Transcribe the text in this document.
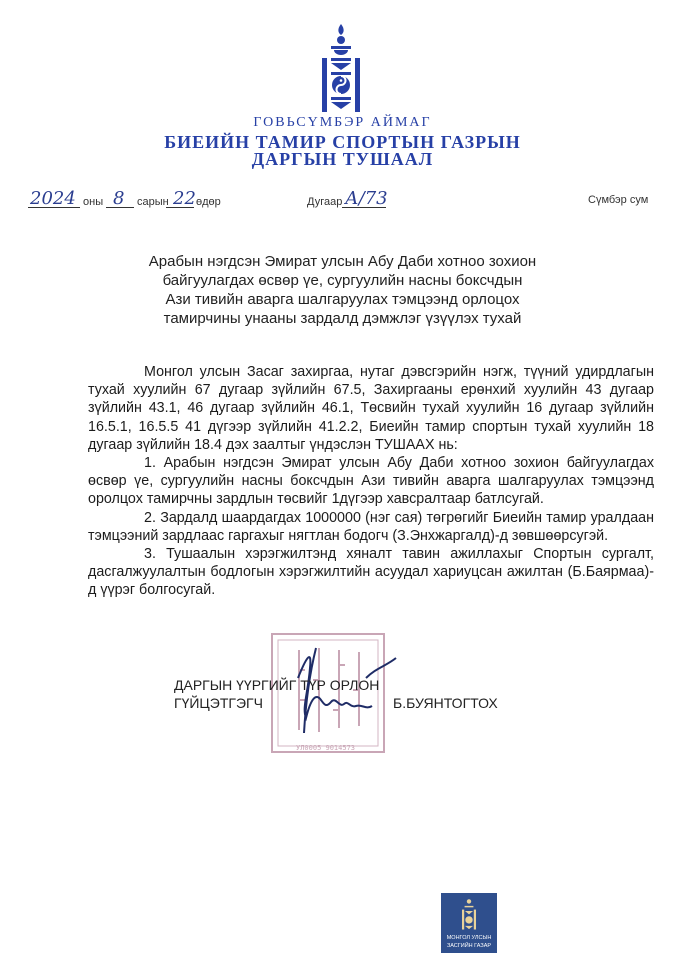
ГОВЬСҮМБЭР АЙМАГ
БИЕИЙН ТАМИР СПОРТЫН ГАЗРЫН
ДАРГЫН ТУШААЛ
2024 оны 8 сарын 22 өдөр	Дугаар А/73	Сүмбэр сум
Арабын нэгдсэн Эмират улсын Абу Даби хотноо зохион
байгуулагдах өсвөр үе, сургуулийн насны боксчдын
Ази тивийн аварга шалгаруулах тэмцээнд орлоцох
тамирчины унааны зардалд дэмжлэг үзүүлэх тухай

Монгол улсын Засаг захиргаа, нутаг дэвсгэрийн нэгж, түүний удирдлагын тухай хуулийн 67 дугаар зүйлийн 67.5, Захиргааны ерөнхий хуулийн 43 дугаар зүйлийн 43.1, 46 дугаар зүйлийн 46.1, Төсвийн тухай хуулийн 16 дугаар зүйлийн 16.5.1, 16.5.5 41 дүгээр зүйлийн 41.2.2, Биеийн тамир спортын тухай хуулийн 18 дугаар зүйлийн 18.4 дэх заалтыг үндэслэн ТУШААХ нь:

1. Арабын нэгдсэн Эмират улсын Абу Даби хотноо зохион байгуулагдах өсвөр үе, сургуулийн насны боксчдын Ази тивийн аварга шалгаруулах тэмцээнд оролцох тамирчны зардлын төсвийг 1дүгээр хавсралтаар батлсугай.

2. Зардалд шаардагдах 1000000 (нэг сая) төгрөгийг Биеийн тамир уралдаан тэмцээний зардлаас гаргахыг нягтлан бодогч (З.Энхжаргалд)-д зөвшөөрсугэй.

3. Тушаалын хэрэгжилтэнд хяналт тавин ажиллахыг Спортын сургалт, дасгалжуулалтын бодлогын хэрэгжилтийн асуудал хариуцсан ажилтан (Б.Баярмаа)-д үүрэг болгосугай.

УЛ0005 9014573
ДАРГЫН ҮҮРГИЙГ ТҮР ОРЛОН
ГҮЙЦЭТГЭГЧ	Б.БУЯНТОГТОХ
МОНГОЛ УЛСЫН
ЗАСГИЙН ГАЗАР
